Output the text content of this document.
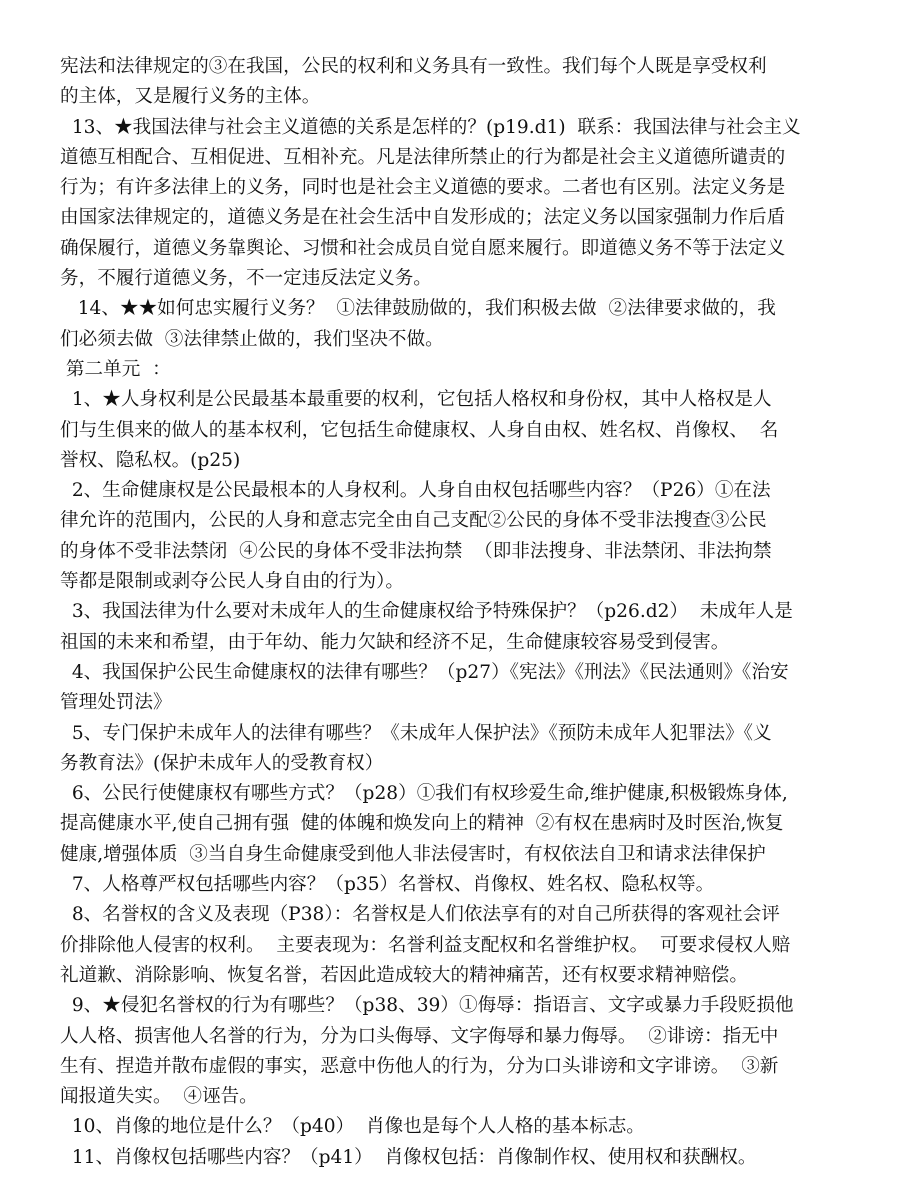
宪法和法律规定的③在我国，公民的权利和义务具有一致性。我们每个人既是享受权利
的主体，又是履行义务的主体。
13、★我国法律与社会主义道德的关系是怎样的？(p19.d1)  联系：我国法律与社会主义
道德互相配合、互相促进、互相补充。凡是法律所禁止的行为都是社会主义道德所谴责的
行为；有许多法律上的义务，同时也是社会主义道德的要求。二者也有区别。法定义务是
由国家法律规定的，道德义务是在社会生活中自发形成的；法定义务以国家强制力作后盾
确保履行，道德义务靠舆论、习惯和社会成员自觉自愿来履行。即道德义务不等于法定义
务，不履行道德义务，不一定违反法定义务。
14、★★如何忠实履行义务？  ①法律鼓励做的，我们积极去做  ②法律要求做的，我
们必须去做  ③法律禁止做的，我们坚决不做。
第二单元  ：
1、★人身权利是公民最基本最重要的权利，它包括人格权和身份权，其中人格权是人
们与生俱来的做人的基本权利，它包括生命健康权、人身自由权、姓名权、肖像权、  名
誉权、隐私权。(p25)
2、生命健康权是公民最根本的人身权利。人身自由权包括哪些内容？（P26）①在法
律允许的范围内，公民的人身和意志完全由自己支配②公民的身体不受非法搜查③公民
的身体不受非法禁闭  ④公民的身体不受非法拘禁  （即非法搜身、非法禁闭、非法拘禁
等都是限制或剥夺公民人身自由的行为）。
3、我国法律为什么要对未成年人的生命健康权给予特殊保护？（p26.d2）  未成年人是
祖国的未来和希望，由于年幼、能力欠缺和经济不足，生命健康较容易受到侵害。
4、我国保护公民生命健康权的法律有哪些？（p27）《宪法》《刑法》《民法通则》《治安
管理处罚法》
5、专门保护未成年人的法律有哪些？《未成年人保护法》《预防未成年人犯罪法》《义
务教育法》(保护未成年人的受教育权）
6、公民行使健康权有哪些方式？（p28）①我们有权珍爱生命,维护健康,积极锻炼身体,
提高健康水平,使自己拥有强  健的体魄和焕发向上的精神  ②有权在患病时及时医治,恢复
健康,增强体质  ③当自身生命健康受到他人非法侵害时，有权依法自卫和请求法律保护
7、人格尊严权包括哪些内容？（p35）名誉权、肖像权、姓名权、隐私权等。
8、名誉权的含义及表现（P38）：名誉权是人们依法享有的对自己所获得的客观社会评
价排除他人侵害的权利。  主要表现为：名誉利益支配权和名誉维护权。  可要求侵权人赔
礼道歉、消除影响、恢复名誉，若因此造成较大的精神痛苦，还有权要求精神赔偿。
9、★侵犯名誉权的行为有哪些？（p38、39）①侮辱：指语言、文字或暴力手段贬损他
人人格、损害他人名誉的行为，分为口头侮辱、文字侮辱和暴力侮辱。  ②诽谤：指无中
生有、捏造并散布虚假的事实，恶意中伤他人的行为，分为口头诽谤和文字诽谤。  ③新
闻报道失实。  ④诬告。
10、肖像的地位是什么？（p40）  肖像也是每个人人格的基本标志。
11、肖像权包括哪些内容？（p41）  肖像权包括：肖像制作权、使用权和获酬权。
